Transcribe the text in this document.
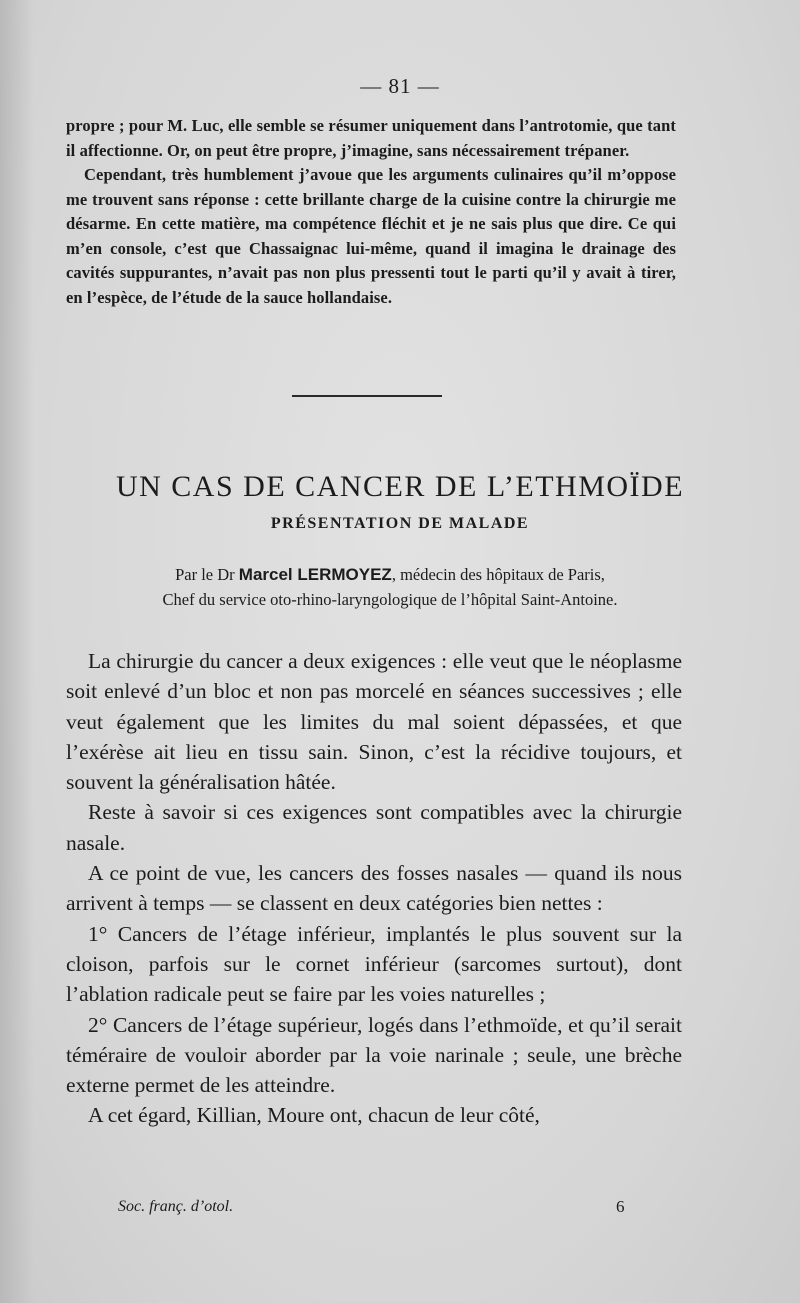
— 81 —

propre ; pour M. Luc, elle semble se résumer uniquement dans l’antrotomie, que tant il affectionne. Or, on peut être propre, j’imagine, sans nécessairement trépaner.

Cependant, très humblement j’avoue que les arguments culinaires qu’il m’oppose me trouvent sans réponse : cette brillante charge de la cuisine contre la chirurgie me désarme. En cette matière, ma compétence fléchit et je ne sais plus que dire. Ce qui m’en console, c’est que Chassaignac lui-même, quand il imagina le drainage des cavités suppurantes, n’avait pas non plus pressenti tout le parti qu’il y avait à tirer, en l’espèce, de l’étude de la sauce hollandaise.

UN CAS DE CANCER DE L’ETHMOÏDE
PRÉSENTATION DE MALADE
Par le Dr Marcel LERMOYEZ, médecin des hôpitaux de Paris,
Chef du service oto-rhino-laryngologique de l’hôpital Saint-Antoine.

La chirurgie du cancer a deux exigences : elle veut que le néoplasme soit enlevé d’un bloc et non pas morcelé en séances successives ; elle veut également que les limites du mal soient dépassées, et que l’exérèse ait lieu en tissu sain. Sinon, c’est la récidive toujours, et souvent la généralisation hâtée.

Reste à savoir si ces exigences sont compatibles avec la chirurgie nasale.

A ce point de vue, les cancers des fosses nasales — quand ils nous arrivent à temps — se classent en deux catégories bien nettes :

1° Cancers de l’étage inférieur, implantés le plus souvent sur la cloison, parfois sur le cornet inférieur (sarcomes surtout), dont l’ablation radicale peut se faire par les voies naturelles ;

2° Cancers de l’étage supérieur, logés dans l’ethmoïde, et qu’il serait téméraire de vouloir aborder par la voie narinale ; seule, une brèche externe permet de les atteindre.

A cet égard, Killian, Moure ont, chacun de leur côté,

Soc. franç. d’otol.	6
